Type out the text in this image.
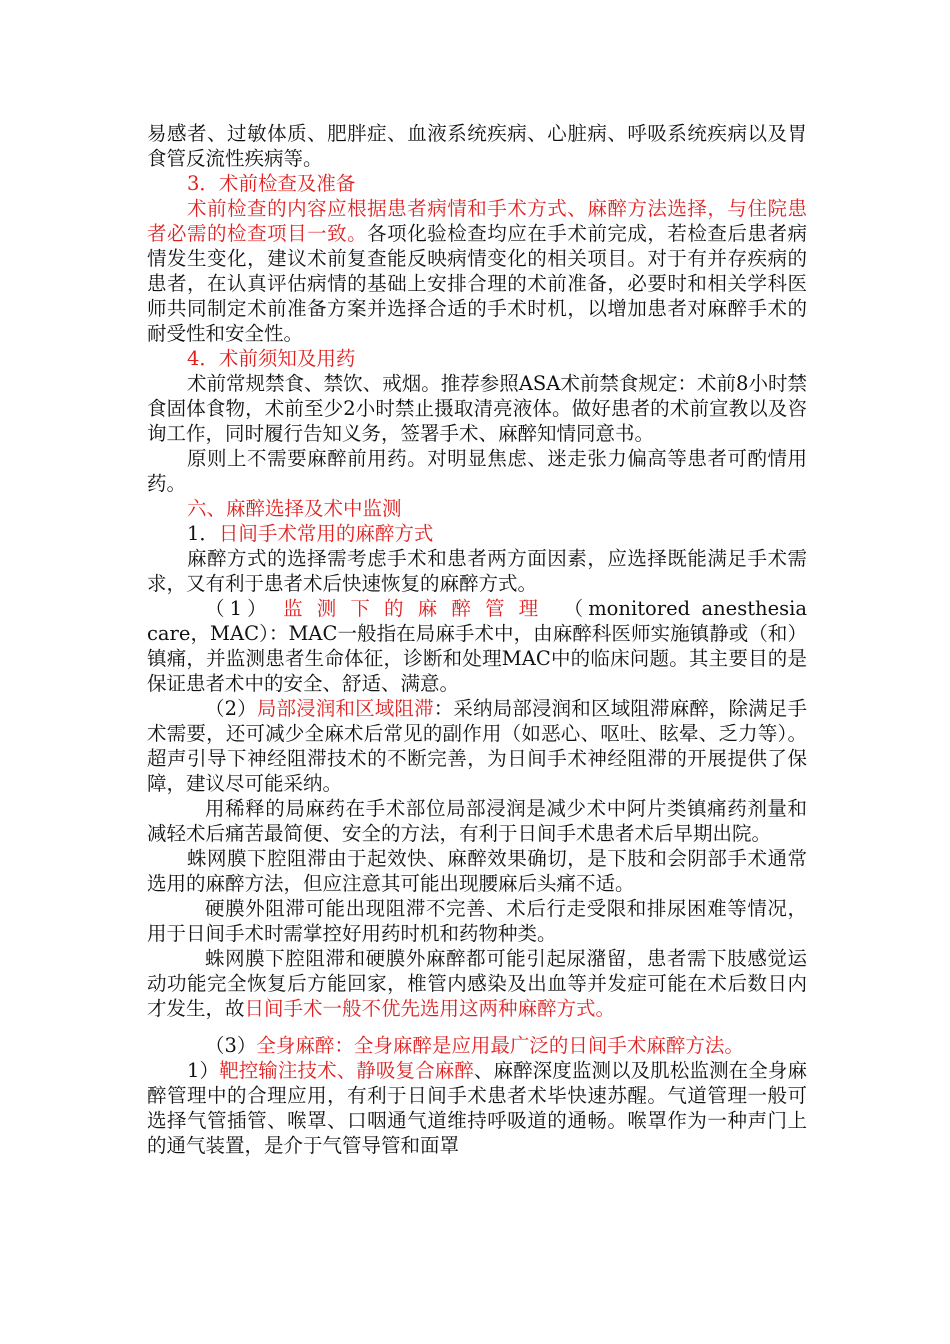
易感者、过敏体质、肥胖症、血液系统疾病、心脏病、呼吸系统疾病以及胃食管反流性疾病等。

3．术前检查及准备

术前检查的内容应根据患者病情和手术方式、麻醉方法选择，与住院患者必需的检查项目一致。各项化验检查均应在手术前完成，若检查后患者病情发生变化，建议术前复查能反映病情变化的相关项目。对于有并存疾病的患者，在认真评估病情的基础上安排合理的术前准备，必要时和相关学科医师共同制定术前准备方案并选择合适的手术时机，以增加患者对麻醉手术的耐受性和安全性。

4．术前须知及用药

术前常规禁食、禁饮、戒烟。推荐参照ASA术前禁食规定：术前8小时禁食固体食物，术前至少2小时禁止摄取清亮液体。做好患者的术前宣教以及咨询工作，同时履行告知义务，签署手术、麻醉知情同意书。

原则上不需要麻醉前用药。对明显焦虑、迷走张力偏高等患者可酌情用药。

六、麻醉选择及术中监测

1．日间手术常用的麻醉方式

麻醉方式的选择需考虑手术和患者两方面因素，应选择既能满足手术需求，又有利于患者术后快速恢复的麻醉方式。

（1） 监测下的麻醉管理 （monitored anesthesia

care，MAC）：MAC一般指在局麻手术中，由麻醉科医师实施镇静或（和）镇痛，并监测患者生命体征，诊断和处理MAC中的临床问题。其主要目的是保证患者术中的安全、舒适、满意。

（2）局部浸润和区域阻滞：采纳局部浸润和区域阻滞麻醉，除满足手术需要，还可减少全麻术后常见的副作用（如恶心、呕吐、眩晕、乏力等）。超声引导下神经阻滞技术的不断完善，为日间手术神经阻滞的开展提供了保障，建议尽可能采纳。

用稀释的局麻药在手术部位局部浸润是减少术中阿片类镇痛药剂量和减轻术后痛苦最简便、安全的方法，有利于日间手术患者术后早期出院。

蛛网膜下腔阻滞由于起效快、麻醉效果确切，是下肢和会阴部手术通常选用的麻醉方法，但应注意其可能出现腰麻后头痛不适。

硬膜外阻滞可能出现阻滞不完善、术后行走受限和排尿困难等情况，用于日间手术时需掌控好用药时机和药物种类。

蛛网膜下腔阻滞和硬膜外麻醉都可能引起尿潴留，患者需下肢感觉运动功能完全恢复后方能回家，椎管内感染及出血等并发症可能在术后数日内才发生，故日间手术一般不优先选用这两种麻醉方式。

（3）全身麻醉：全身麻醉是应用最广泛的日间手术麻醉方法。

1）靶控输注技术、静吸复合麻醉、麻醉深度监测以及肌松监测在全身麻醉管理中的合理应用，有利于日间手术患者术毕快速苏醒。气道管理一般可选择气管插管、喉罩、口咽通气道维持呼吸道的通畅。喉罩作为一种声门上的通气装置，是介于气管导管和面罩
